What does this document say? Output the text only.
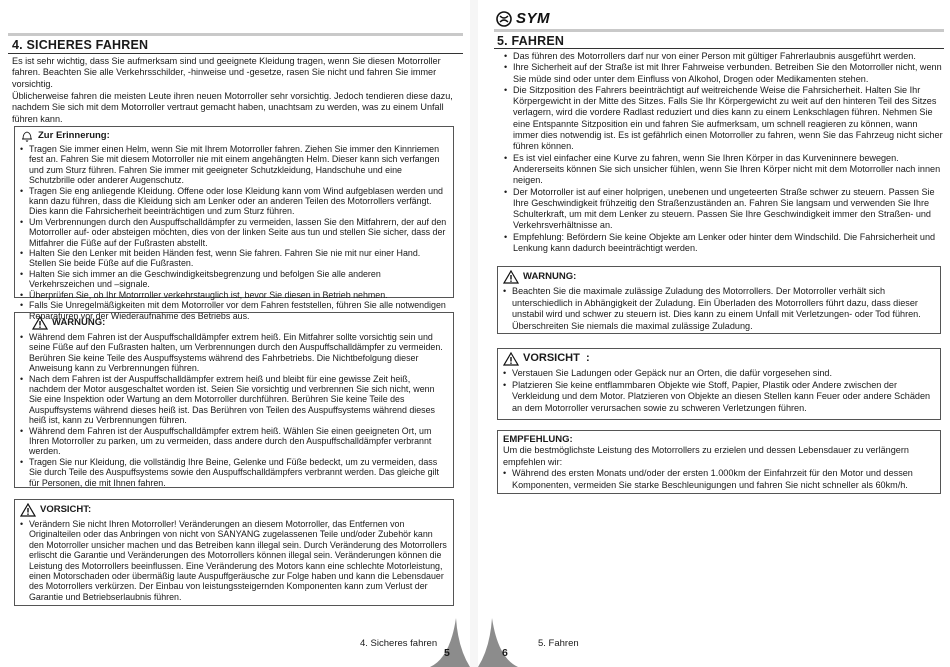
4. SICHERES FAHREN
Es ist sehr wichtig, dass Sie aufmerksam sind und geeignete Kleidung tragen, wenn Sie diesen Motorroller fahren. Beachten Sie alle Verkehrsschilder, -hinweise und -gesetze, rasen Sie nicht und fahren Sie immer vorsichtig.
Üblicherweise fahren die meisten Leute ihren neuen Motorroller sehr vorsichtig. Jedoch tendieren diese dazu, nachdem Sie sich mit dem Motorroller vertraut gemacht haben, unachtsam zu werden, was zu einem Unfall führen kann.
Zur Erinnerung:
• Tragen Sie immer einen Helm, wenn Sie mit Ihrem Motorroller fahren. Ziehen Sie immer den Kinnriemen fest an. Fahren Sie mit diesem Motorroller nie mit einem angehängten Helm. Dieser kann sich verfangen und zum Sturz führen. Fahren Sie immer mit geeigneter Schutzkleidung, Handschuhe und eine Schutzbrille oder anderer Augenschutz.
• Tragen Sie eng anliegende Kleidung. Offene oder lose Kleidung kann vom Wind aufgeblasen werden und kann dazu führen, dass die Kleidung sich am Lenker oder an anderen Teilen des Motorrollers verfängt. Dies kann die Fahrsicherheit beeinträchtigen und zum Sturz führen.
• Um Verbrennungen durch den Auspuffschalldämpfer zu vermeiden, lassen Sie den Mitfahrern, der auf den Motorroller auf- oder absteigen möchten, dies von der linken Seite aus tun und stellen Sie sicher, dass der Mitfahrer die Füße auf der Fußrasten abstellt.
• Halten Sie den Lenker mit beiden Händen fest, wenn Sie fahren. Fahren Sie nie mit nur einer Hand. Stellen Sie beide Füße auf die Fußrasten.
• Halten Sie sich immer an die Geschwindigkeitsbegrenzung und befolgen Sie alle anderen Verkehrszeichen und –signale.
• Überprüfen Sie, ob Ihr Motorroller verkehrstauglich ist, bevor Sie diesen in Betrieb nehmen.
• Falls Sie Unregelmäßigkeiten mit dem Motorroller vor dem Fahren feststellen, führen Sie alle notwendigen Reparaturen vor der Wiederaufnahme des Betriebs aus.
WARNUNG:
• Während dem Fahren ist der Auspuffschalldämpfer extrem heiß. Ein Mitfahrer sollte vorsichtig sein und seine Füße auf den Fußrasten halten, um Verbrennungen durch den Auspuffschalldämpfer zu vermeiden. Berühren Sie keine Teile des Auspuffsystems während des Fahrbetriebs. Die Nichtbefolgung dieser Anweisung kann zu Verbrennungen führen.
• Nach dem Fahren ist der Auspuffschalldämpfer extrem heiß und bleibt für eine gewisse Zeit heiß, nachdem der Motor ausgeschaltet worden ist. Seien Sie vorsichtig und verbrennen Sie sich nicht, wenn Sie eine Inspektion oder Wartung an dem Motorroller durchführen. Berühren Sie keine Teile des Auspuffsystems während dieses heiß ist. Das Berühren von Teilen des Auspuffsystems während dieses heiß ist, kann zu Verbrennungen führen.
• Während dem Fahren ist der Auspuffschalldämpfer extrem heiß. Wählen Sie einen geeigneten Ort, um Ihren Motorroller zu parken, um zu vermeiden, dass andere durch den Auspuffschalldämpfer verbrannt werden.
• Tragen Sie nur Kleidung, die vollständig Ihre Beine, Gelenke und Füße bedeckt, um zu vermeiden, dass Sie durch Teile des Auspuffsystems sowie den Auspuffschalldämpfers verbrannt werden. Das gleiche gilt für Personen, die mit Ihnen fahren.
VORSICHT:
• Verändern Sie nicht Ihren Motorroller! Veränderungen an diesem Motorroller, das Entfernen von Originalteilen oder das Anbringen von nicht von SANYANG zugelassenen Teile und/oder Zubehör kann den Motorroller unsicher machen und das Betreiben kann illegal sein. Durch Veränderung des Motorrollers erlischt die Garantie und Veränderungen des Motorrollers können illegal sein. Veränderungen können die Leistung des Motorrollers beeinflussen. Eine Veränderung des Motors kann eine schlechte Motorleistung, einen Motorschaden oder übermäßig laute Auspuffgeräusche zur Folge haben und kann die Lebensdauer des Motorrollers verkürzen. Der Einbau von leistungssteigernden Komponenten kann zum Verlust der Garantie und Betriebserlaubnis führen.
4. Sicheres fahren
5
SYM
5. FAHREN
• Das führen des Motorrollers darf nur von einer Person mit gültiger Fahrerlaubnis ausgeführt werden.
• Ihre Sicherheit auf der Straße ist mit Ihrer Fahrweise verbunden. Betreiben Sie den Motorroller nicht, wenn Sie müde sind oder unter dem Einfluss von Alkohol, Drogen oder Medikamenten stehen.
• Die Sitzposition des Fahrers beeinträchtigt auf weitreichende Weise die Fahrsicherheit. Halten Sie Ihr Körpergewicht in der Mitte des Sitzes. Falls Sie Ihr Körpergewicht zu weit auf den hinteren Teil des Sitzes verlagern, wird die vordere Radlast reduziert und dies kann zu einem Lenkschlagen führen. Nehmen Sie eine Entspannte Sitzposition ein und fahren Sie aufmerksam, um schnell reagieren zu können, wann immer dies notwendig ist. Es ist gefährlich einen Motorroller zu fahren, wenn Sie das Fahrzeug nicht sicher führen können.
• Es ist viel einfacher eine Kurve zu fahren, wenn Sie Ihren Körper in das Kurveninnere bewegen. Andererseits können Sie sich unsicher fühlen, wenn Sie Ihren Körper nicht mit dem Motorroller nach innen neigen.
• Der Motorroller ist auf einer holprigen, unebenen und ungeteerten Straße schwer zu steuern. Passen Sie Ihre Geschwindigkeit frühzeitig den Straßenzuständen an. Fahren Sie langsam und verwenden Sie Ihre Schulterkraft, um mit dem Lenker zu steuern. Passen Sie Ihre Geschwindigkeit immer den Straßen- und Verkehrsverhältnisse an.
• Empfehlung: Befördern Sie keine Objekte am Lenker oder hinter dem Windschild. Die Fahrsicherheit und Lenkung kann dadurch beeinträchtigt werden.
WARNUNG:
• Beachten Sie die maximale zulässige Zuladung des Motorrollers. Der Motorroller verhält sich unterschiedlich in Abhängigkeit der Zuladung. Ein Überladen des Motorrollers führt dazu, dass dieser unstabil wird und schwer zu steuern ist. Dies kann zu einem Unfall mit Verletzungen- oder Tod führen. Überschreiten Sie niemals die maximal zulässige Zuladung.
VORSICHT  :
• Verstauen Sie Ladungen oder Gepäck nur an Orten, die dafür vorgesehen sind.
• Platzieren Sie keine entflammbaren Objekte wie Stoff, Papier, Plastik oder Andere zwischen der Verkleidung und dem Motor. Platzieren von Objekte an diesen Stellen kann Feuer oder andere Schäden an dem Motorroller verursachen sowie zu schweren Verletzungen führen.
EMPFEHLUNG:
Um die bestmöglichste Leistung des Motorrollers zu erzielen und dessen Lebensdauer zu verlängern empfehlen wir:
• Während des ersten Monats und/oder der ersten 1.000km der Einfahrzeit für den Motor und dessen Komponenten, vermeiden Sie starke Beschleunigungen und fahren Sie nicht schneller als 60km/h.
6
5. Fahren
